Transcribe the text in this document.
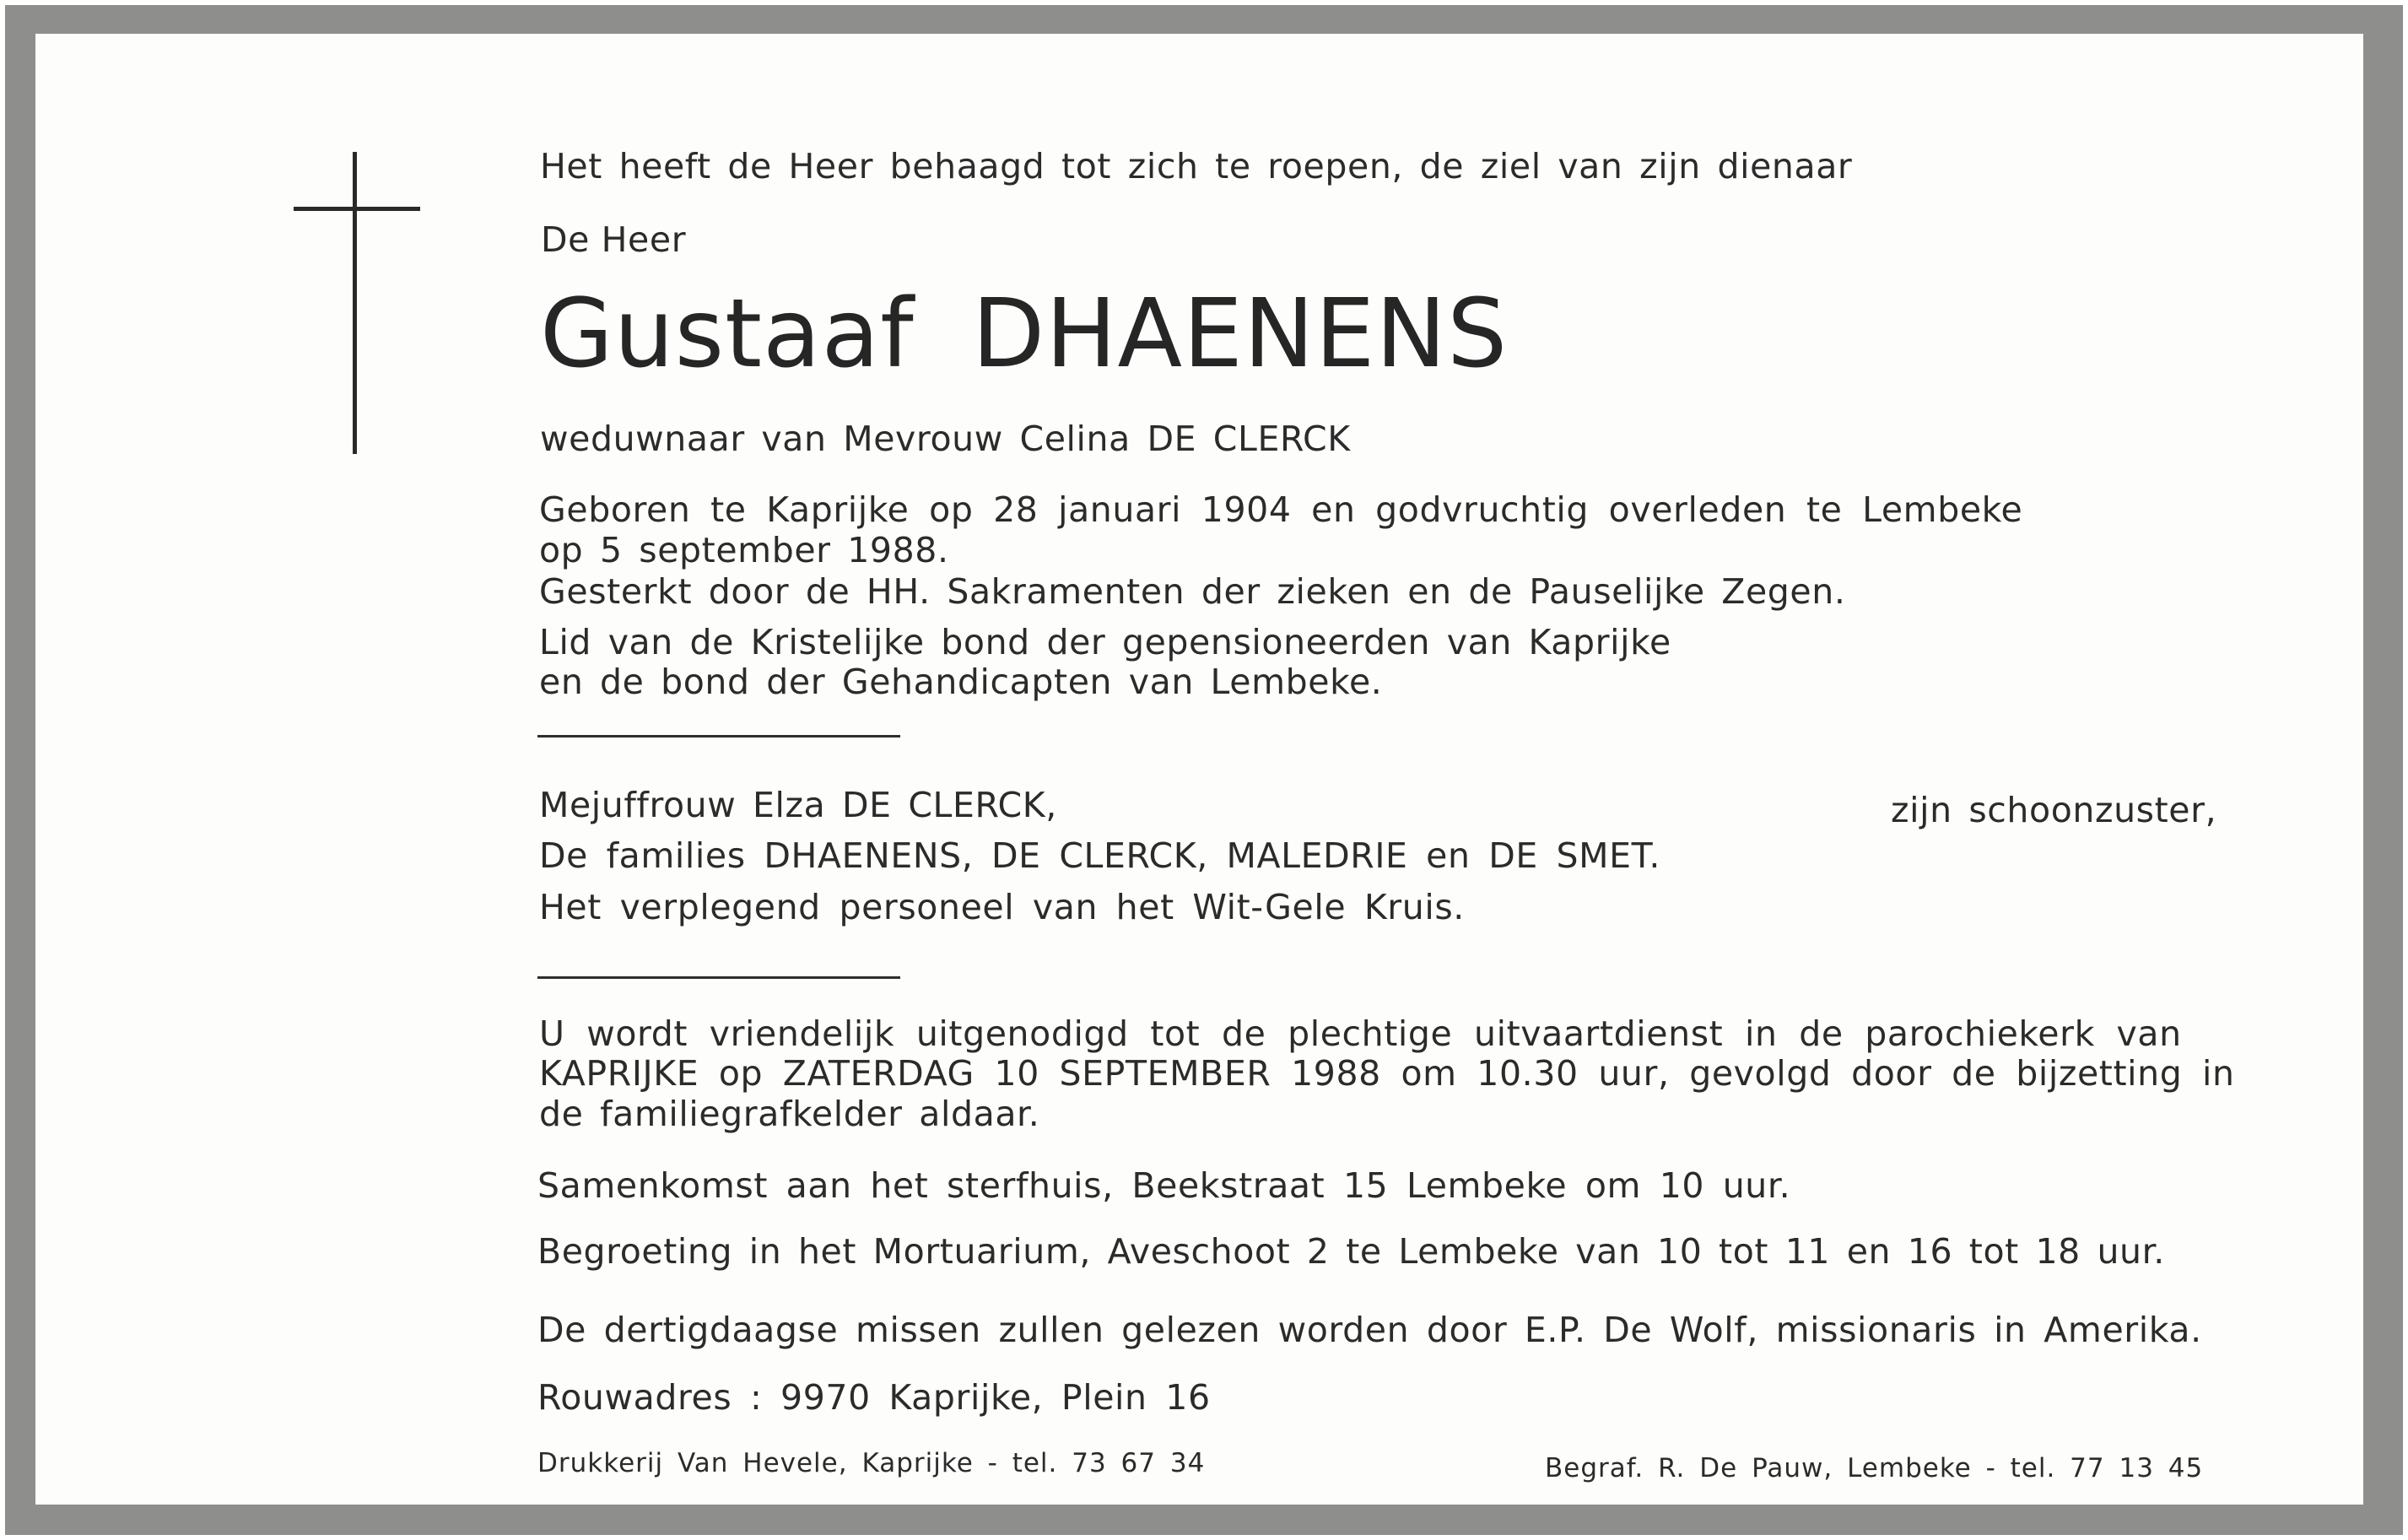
Het heeft de Heer behaagd tot zich te roepen, de ziel van zijn dienaar
De Heer
Gustaaf DHAENENS
weduwnaar van Mevrouw Celina DE CLERCK
Geboren te Kaprijke op 28 januari 1904 en godvruchtig overleden te Lembeke
op 5 september 1988.
Gesterkt door de HH. Sakramenten der zieken en de Pauselijke Zegen.
Lid van de Kristelijke bond der gepensioneerden van Kaprijke
en de bond der Gehandicapten van Lembeke.
Mejuffrouw Elza DE CLERCK,	zijn schoonzuster,
De families DHAENENS, DE CLERCK, MALEDRIE en DE SMET.
Het verplegend personeel van het Wit-Gele Kruis.
U wordt vriendelijk uitgenodigd tot de plechtige uitvaartdienst in de parochiekerk van
KAPRIJKE op ZATERDAG 10 SEPTEMBER 1988 om 10.30 uur, gevolgd door de bijzetting in
de familiegrafkelder aldaar.
Samenkomst aan het sterfhuis, Beekstraat 15 Lembeke om 10 uur.
Begroeting in het Mortuarium, Aveschoot 2 te Lembeke van 10 tot 11 en 16 tot 18 uur.
De dertigdaagse missen zullen gelezen worden door E.P. De Wolf, missionaris in Amerika.
Rouwadres : 9970 Kaprijke, Plein 16
Drukkerij Van Hevele, Kaprijke - tel. 73 67 34	Begraf. R. De Pauw, Lembeke - tel. 77 13 45
